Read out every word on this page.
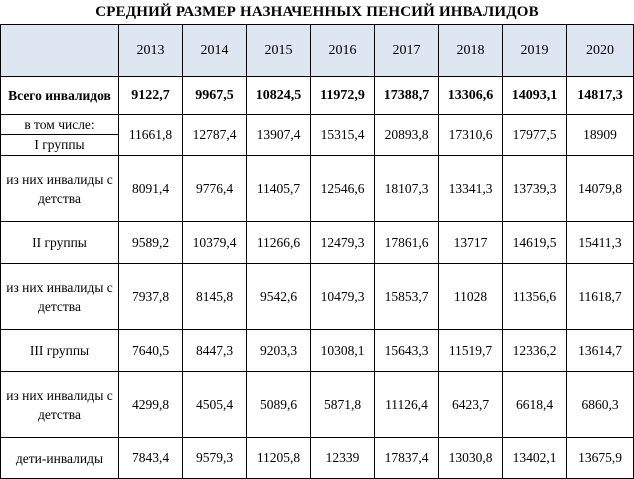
СРЕДНИЙ РАЗМЕР НАЗНАЧЕННЫХ ПЕНСИЙ ИНВАЛИДОВ
	2013	2014	2015	2016	2017	2018	2019	2020
Всего инвалидов	9122,7	9967,5	10824,5	11972,9	17388,7	13306,6	14093,1	14817,3

в том числе:
I группы	11661,8	12787,4	13907,4	15315,4	20893,8	17310,6	17977,5	18909
из них инвалиды с детства	8091,4	9776,4	11405,7	12546,6	18107,3	13341,3	13739,3	14079,8
II группы	9589,2	10379,4	11266,6	12479,3	17861,6	13717	14619,5	15411,3
из них инвалиды с детства	7937,8	8145,8	9542,6	10479,3	15853,7	11028	11356,6	11618,7
III группы	7640,5	8447,3	9203,3	10308,1	15643,3	11519,7	12336,2	13614,7
из них инвалиды с детства	4299,8	4505,4	5089,6	5871,8	11126,4	6423,7	6618,4	6860,3
дети-инвалиды	7843,4	9579,3	11205,8	12339	17837,4	13030,8	13402,1	13675,9
